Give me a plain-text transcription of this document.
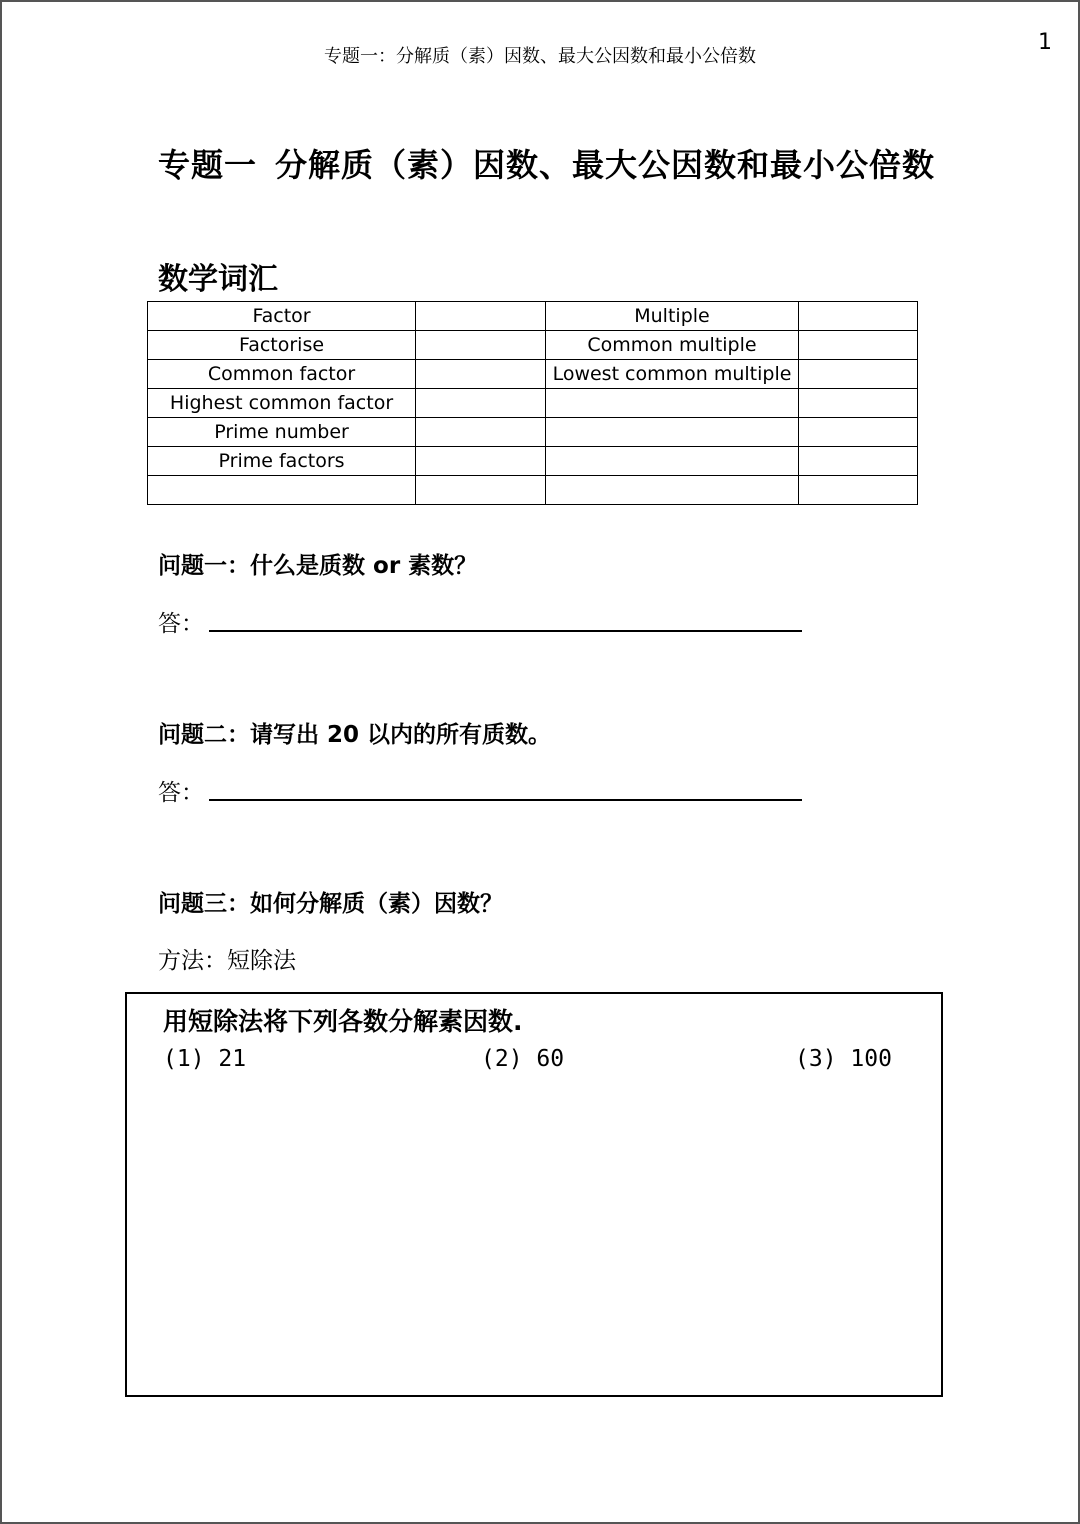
专题一：分解质（素）因数、最大公因数和最小公倍数
1
专题一 分解质（素）因数、最大公因数和最小公倍数
数学词汇
Factor		Multiple	
Factorise		Common multiple	
Common factor		Lowest common multiple	
Highest common factor			
Prime number			
Prime factors			

问题一：什么是质数 or 素数？
答：
问题二：请写出 20 以内的所有质数。
答：
问题三：如何分解质（素）因数？
方法：短除法
用短除法将下列各数分解素因数.
(1) 21	(2) 60	(3) 100
